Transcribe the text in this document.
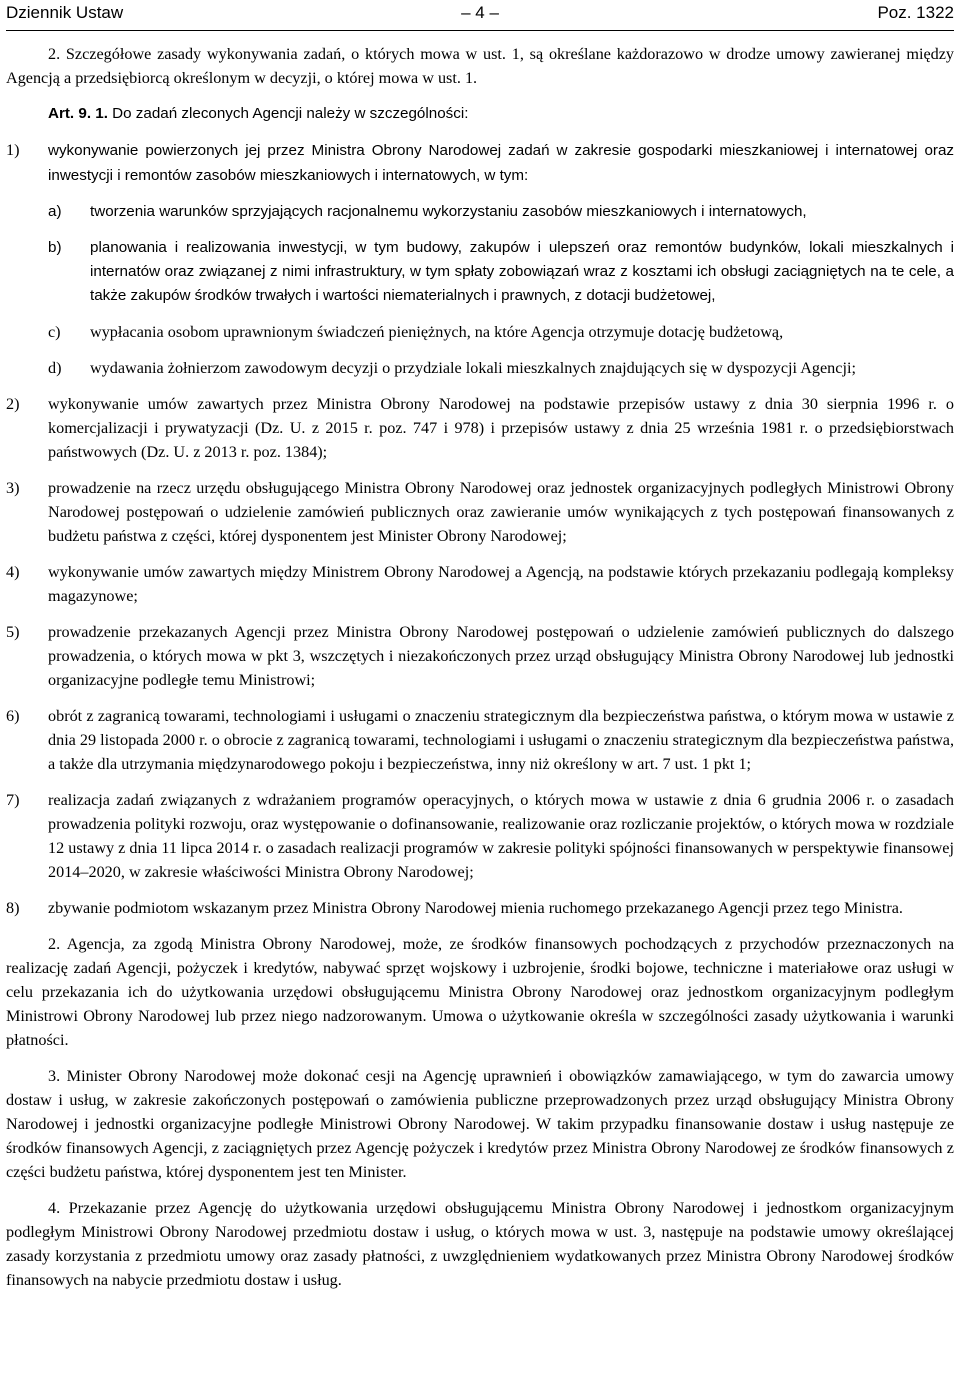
Dziennik Ustaw	– 4 –	Poz. 1322

2. Szczegółowe zasady wykonywania zadań, o których mowa w ust. 1, są określane każdorazowo w drodze umowy zawieranej między Agencją a przedsiębiorcą określonym w decyzji, o której mowa w ust. 1.

Art. 9. 1. Do zadań zleconych Agencji należy w szczególności:

1) wykonywanie powierzonych jej przez Ministra Obrony Narodowej zadań w zakresie gospodarki mieszkaniowej i internatowej oraz inwestycji i remontów zasobów mieszkaniowych i internatowych, w tym:
a) tworzenia warunków sprzyjających racjonalnemu wykorzystaniu zasobów mieszkaniowych i internatowych,
b) planowania i realizowania inwestycji, w tym budowy, zakupów i ulepszeń oraz remontów budynków, lokali mieszkalnych i internatów oraz związanej z nimi infrastruktury, w tym spłaty zobowiązań wraz z kosztami ich obsługi zaciągniętych na te cele, a także zakupów środków trwałych i wartości niematerialnych i prawnych, z dotacji budżetowej,
c) wypłacania osobom uprawnionym świadczeń pieniężnych, na które Agencja otrzymuje dotację budżetową,
d) wydawania żołnierzom zawodowym decyzji o przydziale lokali mieszkalnych znajdujących się w dyspozycji Agencji;
2) wykonywanie umów zawartych przez Ministra Obrony Narodowej na podstawie przepisów ustawy z dnia 30 sierpnia 1996 r. o komercjalizacji i prywatyzacji (Dz. U. z 2015 r. poz. 747 i 978) i przepisów ustawy z dnia 25 września 1981 r. o przedsiębiorstwach państwowych (Dz. U. z 2013 r. poz. 1384);
3) prowadzenie na rzecz urzędu obsługującego Ministra Obrony Narodowej oraz jednostek organizacyjnych podległych Ministrowi Obrony Narodowej postępowań o udzielenie zamówień publicznych oraz zawieranie umów wynikających z tych postępowań finansowanych z budżetu państwa z części, której dysponentem jest Minister Obrony Narodowej;
4) wykonywanie umów zawartych między Ministrem Obrony Narodowej a Agencją, na podstawie których przekazaniu podlegają kompleksy magazynowe;
5) prowadzenie przekazanych Agencji przez Ministra Obrony Narodowej postępowań o udzielenie zamówień publicznych do dalszego prowadzenia, o których mowa w pkt 3, wszczętych i niezakończonych przez urząd obsługujący Ministra Obrony Narodowej lub jednostki organizacyjne podległe temu Ministrowi;
6) obrót z zagranicą towarami, technologiami i usługami o znaczeniu strategicznym dla bezpieczeństwa państwa, o którym mowa w ustawie z dnia 29 listopada 2000 r. o obrocie z zagranicą towarami, technologiami i usługami o znaczeniu strategicznym dla bezpieczeństwa państwa, a także dla utrzymania międzynarodowego pokoju i bezpieczeństwa, inny niż określony w art. 7 ust. 1 pkt 1;
7) realizacja zadań związanych z wdrażaniem programów operacyjnych, o których mowa w ustawie z dnia 6 grudnia 2006 r. o zasadach prowadzenia polityki rozwoju, oraz występowanie o dofinansowanie, realizowanie oraz rozliczanie projektów, o których mowa w rozdziale 12 ustawy z dnia 11 lipca 2014 r. o zasadach realizacji programów w zakresie polityki spójności finansowanych w perspektywie finansowej 2014–2020, w zakresie właściwości Ministra Obrony Narodowej;
8) zbywanie podmiotom wskazanym przez Ministra Obrony Narodowej mienia ruchomego przekazanego Agencji przez tego Ministra.

2. Agencja, za zgodą Ministra Obrony Narodowej, może, ze środków finansowych pochodzących z przychodów przeznaczonych na realizację zadań Agencji, pożyczek i kredytów, nabywać sprzęt wojskowy i uzbrojenie, środki bojowe, techniczne i materiałowe oraz usługi w celu przekazania ich do użytkowania urzędowi obsługującemu Ministra Obrony Narodowej oraz jednostkom organizacyjnym podległym Ministrowi Obrony Narodowej lub przez niego nadzorowanym. Umowa o użytkowanie określa w szczególności zasady użytkowania i warunki płatności.

3. Minister Obrony Narodowej może dokonać cesji na Agencję uprawnień i obowiązków zamawiającego, w tym do zawarcia umowy dostaw i usług, w zakresie zakończonych postępowań o zamówienia publiczne przeprowadzonych przez urząd obsługujący Ministra Obrony Narodowej i jednostki organizacyjne podległe Ministrowi Obrony Narodowej. W takim przypadku finansowanie dostaw i usług następuje ze środków finansowych Agencji, z zaciągniętych przez Agencję pożyczek i kredytów przez Ministra Obrony Narodowej ze środków finansowych z części budżetu państwa, której dysponentem jest ten Minister.

4. Przekazanie przez Agencję do użytkowania urzędowi obsługującemu Ministra Obrony Narodowej i jednostkom organizacyjnym podległym Ministrowi Obrony Narodowej przedmiotu dostaw i usług, o których mowa w ust. 3, następuje na podstawie umowy określającej zasady korzystania z przedmiotu umowy oraz zasady płatności, z uwzględnieniem wydatkowanych przez Ministra Obrony Narodowej środków finansowych na nabycie przedmiotu dostaw i usług.
